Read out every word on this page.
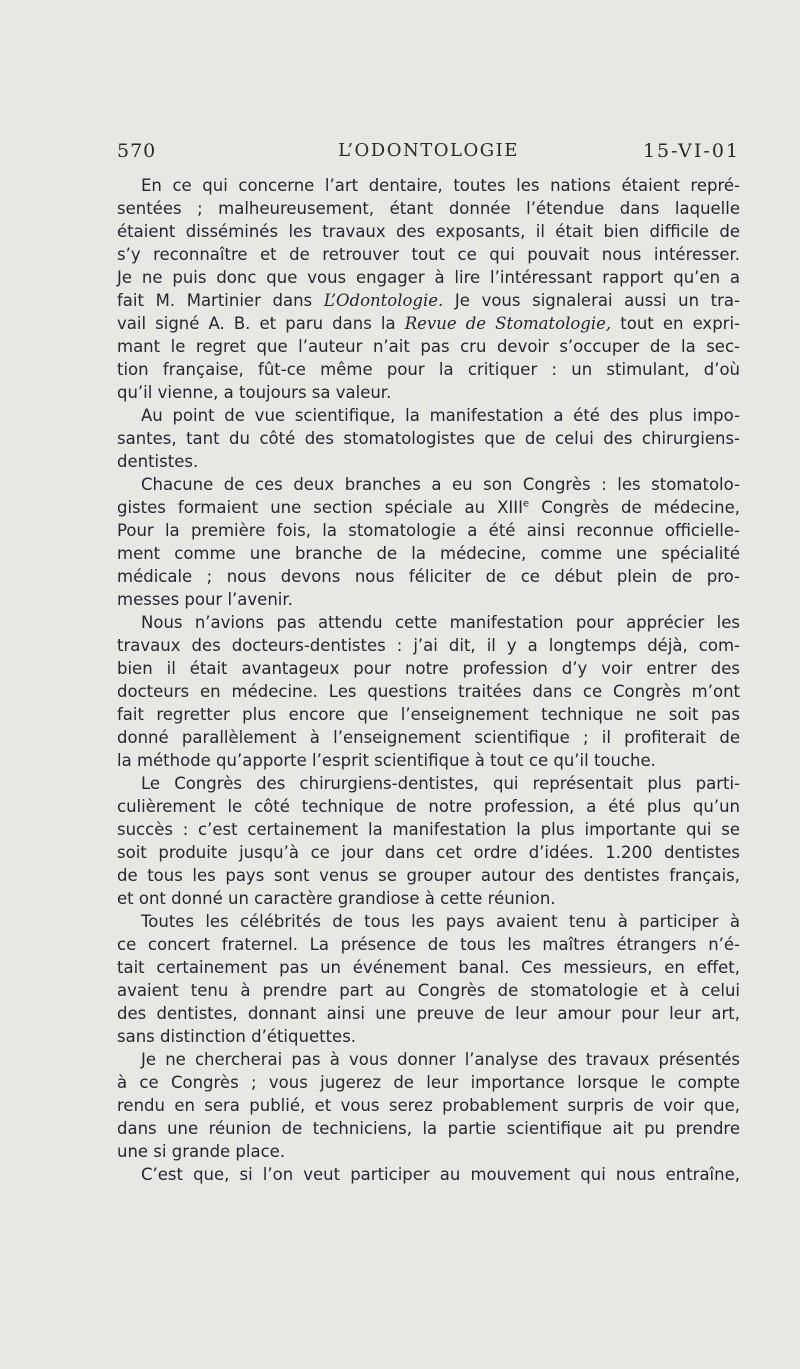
570	L’ODONTOLOGIE	15-VI-01
En ce qui concerne l’art dentaire, toutes les nations étaient repré-
sentées ; malheureusement, étant donnée l’étendue dans laquelle
étaient disséminés les travaux des exposants, il était bien difficile de
s’y reconnaître et de retrouver tout ce qui pouvait nous intéresser.
Je ne puis donc que vous engager à lire l’intéressant rapport qu’en a
fait M. Martinier dans L’Odontologie. Je vous signalerai aussi un tra-
vail signé A. B. et paru dans la Revue de Stomatologie, tout en expri-
mant le regret que l’auteur n’ait pas cru devoir s’occuper de la sec-
tion française, fût-ce même pour la critiquer : un stimulant, d’où
qu’il vienne, a toujours sa valeur.
Au point de vue scientifique, la manifestation a été des plus impo-
santes, tant du côté des stomatologistes que de celui des chirurgiens-
dentistes.
Chacune de ces deux branches a eu son Congrès : les stomatolo-
gistes formaient une section spéciale au XIIIe Congrès de médecine,
Pour la première fois, la stomatologie a été ainsi reconnue officielle-
ment comme une branche de la médecine, comme une spécialité
médicale ; nous devons nous féliciter de ce début plein de pro-
messes pour l’avenir.
Nous n’avions pas attendu cette manifestation pour apprécier les
travaux des docteurs-dentistes : j’ai dit, il y a longtemps déjà, com-
bien il était avantageux pour notre profession d’y voir entrer des
docteurs en médecine. Les questions traitées dans ce Congrès m’ont
fait regretter plus encore que l’enseignement technique ne soit pas
donné parallèlement à l’enseignement scientifique ; il profiterait de
la méthode qu’apporte l’esprit scientifique à tout ce qu’il touche.
Le Congrès des chirurgiens-dentistes, qui représentait plus parti-
culièrement le côté technique de notre profession, a été plus qu’un
succès : c’est certainement la manifestation la plus importante qui se
soit produite jusqu’à ce jour dans cet ordre d’idées. 1.200 dentistes
de tous les pays sont venus se grouper autour des dentistes français,
et ont donné un caractère grandiose à cette réunion.
Toutes les célébrités de tous les pays avaient tenu à participer à
ce concert fraternel. La présence de tous les maîtres étrangers n’é-
tait certainement pas un événement banal. Ces messieurs, en effet,
avaient tenu à prendre part au Congrès de stomatologie et à celui
des dentistes, donnant ainsi une preuve de leur amour pour leur art,
sans distinction d’étiquettes.
Je ne chercherai pas à vous donner l’analyse des travaux présentés
à ce Congrès ; vous jugerez de leur importance lorsque le compte
rendu en sera publié, et vous serez probablement surpris de voir que,
dans une réunion de techniciens, la partie scientifique ait pu prendre
une si grande place.
C’est que, si l’on veut participer au mouvement qui nous entraîne,
